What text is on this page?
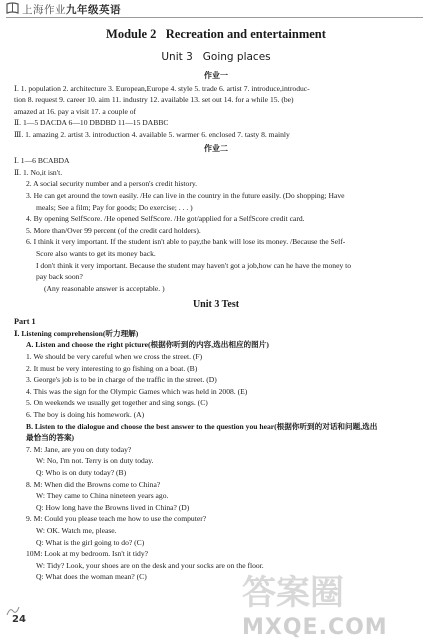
上海作业九年级英语
Module 2   Recreation and entertainment
Unit 3 Going places
作业一
Ⅰ. 1. population 2. architecture 3. European,Europe 4. style 5. trade 6. artist 7. introduce,introduc-
tion 8. request 9. career 10. aim 11. industry 12. available 13. set out 14. for a while 15. (be)
amazed at 16. pay a visit 17. a couple of
Ⅱ. 1—5 DACDA 6—10 DBDBD 11—15 DABBC
Ⅲ. 1. amazing 2. artist 3. introduction 4. available 5. warmer 6. enclosed 7. tasty 8. mainly
作业二
Ⅰ. 1—6 BCABDA
Ⅱ. 1. No,it isn't.
2. A social security number and a person's credit history.
3. He can get around the town easily. /He can live in the country in the future easily. (Do shopping; Have
meals; See a film; Pay for goods; Do exercise; . . . )
4. By opening SelfScore. /He opened SelfScore. /He got/applied for a SelfScore credit card.
5. More than/Over 99 percent (of the credit card holders).
6. I think it very important. If the student isn't able to pay,the bank will lose its money. /Because the Self-
Score also wants to get its money back.
I don't think it very important. Because the student may haven't got a job,how can he have the money to
pay back soon?
(Any reasonable answer is acceptable. )
Unit 3 Test
Part 1
Ⅰ. Listening comprehension(听力理解)
A. Listen and choose the right picture(根据你听到的内容,选出相应的图片)
1. We should be very careful when we cross the street. (F)
2. It must be very interesting to go fishing on a boat. (B)
3. George's job is to be in charge of the traffic in the street. (D)
4. This was the sign for the Olympic Games which was held in 2008. (E)
5. On weekends we usually get together and sing songs. (C)
6. The boy is doing his homework. (A)
B. Listen to the dialogue and choose the best answer to the question you hear(根据你听到的对话和问题,选出
最恰当的答案)
7. M: Jane, are you on duty today?
W: No, I'm not. Terry is on duty today.
Q: Who is on duty today? (B)
8. M: When did the Browns come to China?
W: They came to China nineteen years ago.
Q: How long have the Browns lived in China? (D)
9. M: Could you please teach me how to use the computer?
W: OK. Watch me, please.
Q: What is the girl going to do? (C)
10M: Look at my bedroom. Isn't it tidy?
W: Tidy? Look, your shoes are on the desk and your socks are on the floor.
Q: What does the woman mean? (C)
24
答案圈
MXQE.COM
